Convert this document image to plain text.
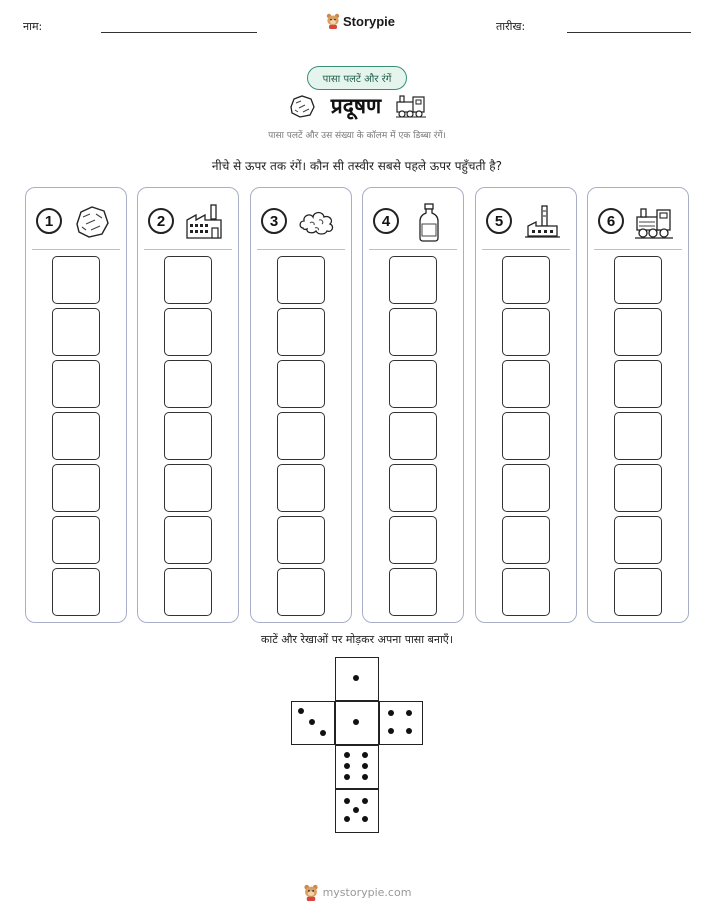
नाम:	Storypie	तारीख:
पासा पलटें और रंगें
प्रदूषण
पासा पलटें और उस संख्या के कॉलम में एक डिब्बा रंगें।
नीचे से ऊपर तक रंगें। कौन सी तस्वीर सबसे पहले ऊपर पहुँचती है?
1	2	3	4	5	6
काटें और रेखाओं पर मोड़कर अपना पासा बनाएँ।
mystorypie.com
